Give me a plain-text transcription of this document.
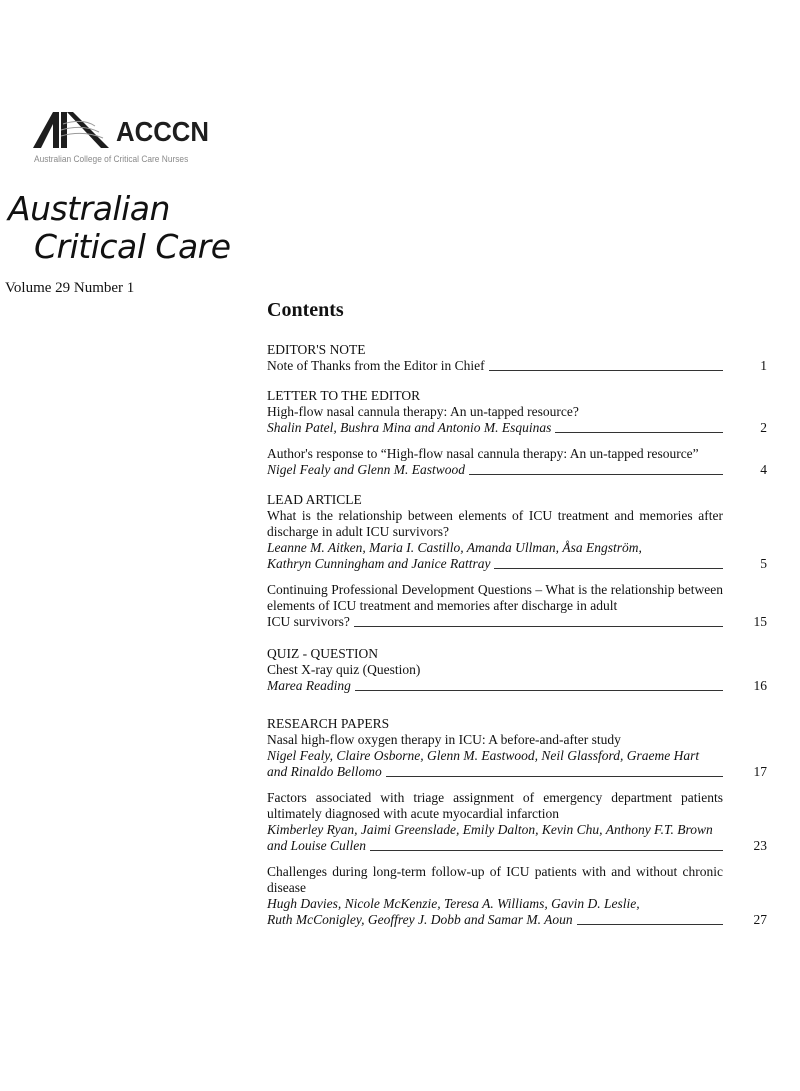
ACCCN
Australian College of Critical Care Nurses
Australian
Critical Care
Volume 29 Number 1
Contents
EDITOR'S NOTE
Note of Thanks from the Editor in Chief	1
LETTER TO THE EDITOR
High-flow nasal cannula therapy: An un-tapped resource?
Shalin Patel, Bushra Mina and Antonio M. Esquinas	2
Author's response to “High-flow nasal cannula therapy: An un-tapped resource”
Nigel Fealy and Glenn M. Eastwood	4
LEAD ARTICLE
What is the relationship between elements of ICU treatment and memories after discharge in adult ICU survivors?
Leanne M. Aitken, Maria I. Castillo, Amanda Ullman, Åsa Engström,
Kathryn Cunningham and Janice Rattray	5
Continuing Professional Development Questions – What is the relationship between elements of ICU treatment and memories after discharge in adult
ICU survivors?	15
QUIZ - QUESTION
Chest X-ray quiz (Question)
Marea Reading	16
RESEARCH PAPERS
Nasal high-flow oxygen therapy in ICU: A before-and-after study
Nigel Fealy, Claire Osborne, Glenn M. Eastwood, Neil Glassford, Graeme Hart
and Rinaldo Bellomo	17
Factors associated with triage assignment of emergency department patients ultimately diagnosed with acute myocardial infarction
Kimberley Ryan, Jaimi Greenslade, Emily Dalton, Kevin Chu, Anthony F.T. Brown
and Louise Cullen	23
Challenges during long-term follow-up of ICU patients with and without chronic disease
Hugh Davies, Nicole McKenzie, Teresa A. Williams, Gavin D. Leslie,
Ruth McConigley, Geoffrey J. Dobb and Samar M. Aoun	27
